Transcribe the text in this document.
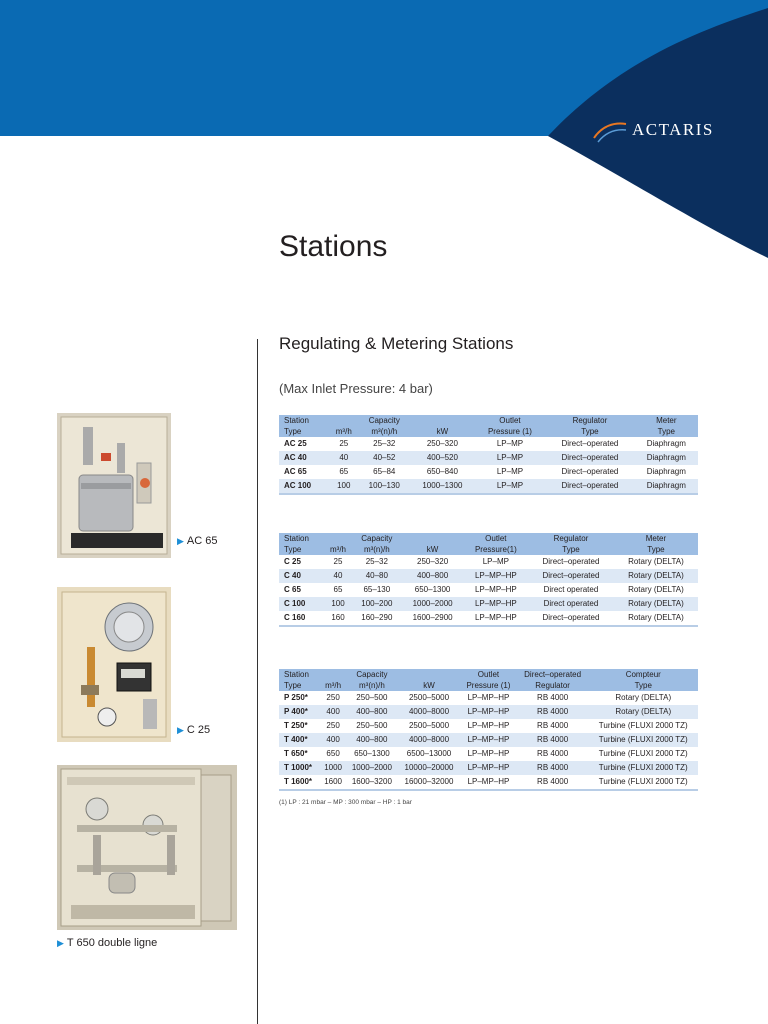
ACTARIS
Stations
Regulating & Metering Stations
(Max Inlet Pressure: 4 bar)
Station		Capacity		Outlet	Regulator	Meter
Type	m³/h	m³(n)/h	kW	Pressure (1)	Type	Type
AC 25	25	25–32	250–320	LP–MP	Direct–operated	Diaphragm
AC 40	40	40–52	400–520	LP–MP	Direct–operated	Diaphragm
AC 65	65	65–84	650–840	LP–MP	Direct–operated	Diaphragm
AC 100	100	100–130	1000–1300	LP–MP	Direct–operated	Diaphragm
Station		Capacity		Outlet	Regulator	Meter
Type	m³/h	m³(n)/h	kW	Pressure(1)	Type	Type
C 25	25	25–32	250–320	LP–MP	Direct–operated	Rotary (DELTA)
C 40	40	40–80	400–800	LP–MP–HP	Direct–operated	Rotary (DELTA)
C 65	65	65–130	650–1300	LP–MP–HP	Direct operated	Rotary (DELTA)
C 100	100	100–200	1000–2000	LP–MP–HP	Direct operated	Rotary (DELTA)
C 160	160	160–290	1600–2900	LP–MP–HP	Direct–operated	Rotary (DELTA)
Station		Capacity		Outlet	Direct–operated	Compteur
Type	m³/h	m³(n)/h	kW	Pressure (1)	Regulator	Type
P 250*	250	250–500	2500–5000	LP–MP–HP	RB 4000	Rotary (DELTA)
P 400*	400	400–800	4000–8000	LP–MP–HP	RB 4000	Rotary (DELTA)
T 250*	250	250–500	2500–5000	LP–MP–HP	RB 4000	Turbine (FLUXI 2000 TZ)
T 400*	400	400–800	4000–8000	LP–MP–HP	RB 4000	Turbine (FLUXI 2000 TZ)
T 650*	650	650–1300	6500–13000	LP–MP–HP	RB 4000	Turbine (FLUXI 2000 TZ)
T 1000*	1000	1000–2000	10000–20000	LP–MP–HP	RB 4000	Turbine (FLUXI 2000 TZ)
T 1600*	1600	1600–3200	16000–32000	LP–MP–HP	RB 4000	Turbine (FLUXI 2000 TZ)
(1) LP : 21 mbar – MP : 300 mbar – HP : 1 bar
▶ AC 65
▶ C 25
▶ T 650 double ligne
